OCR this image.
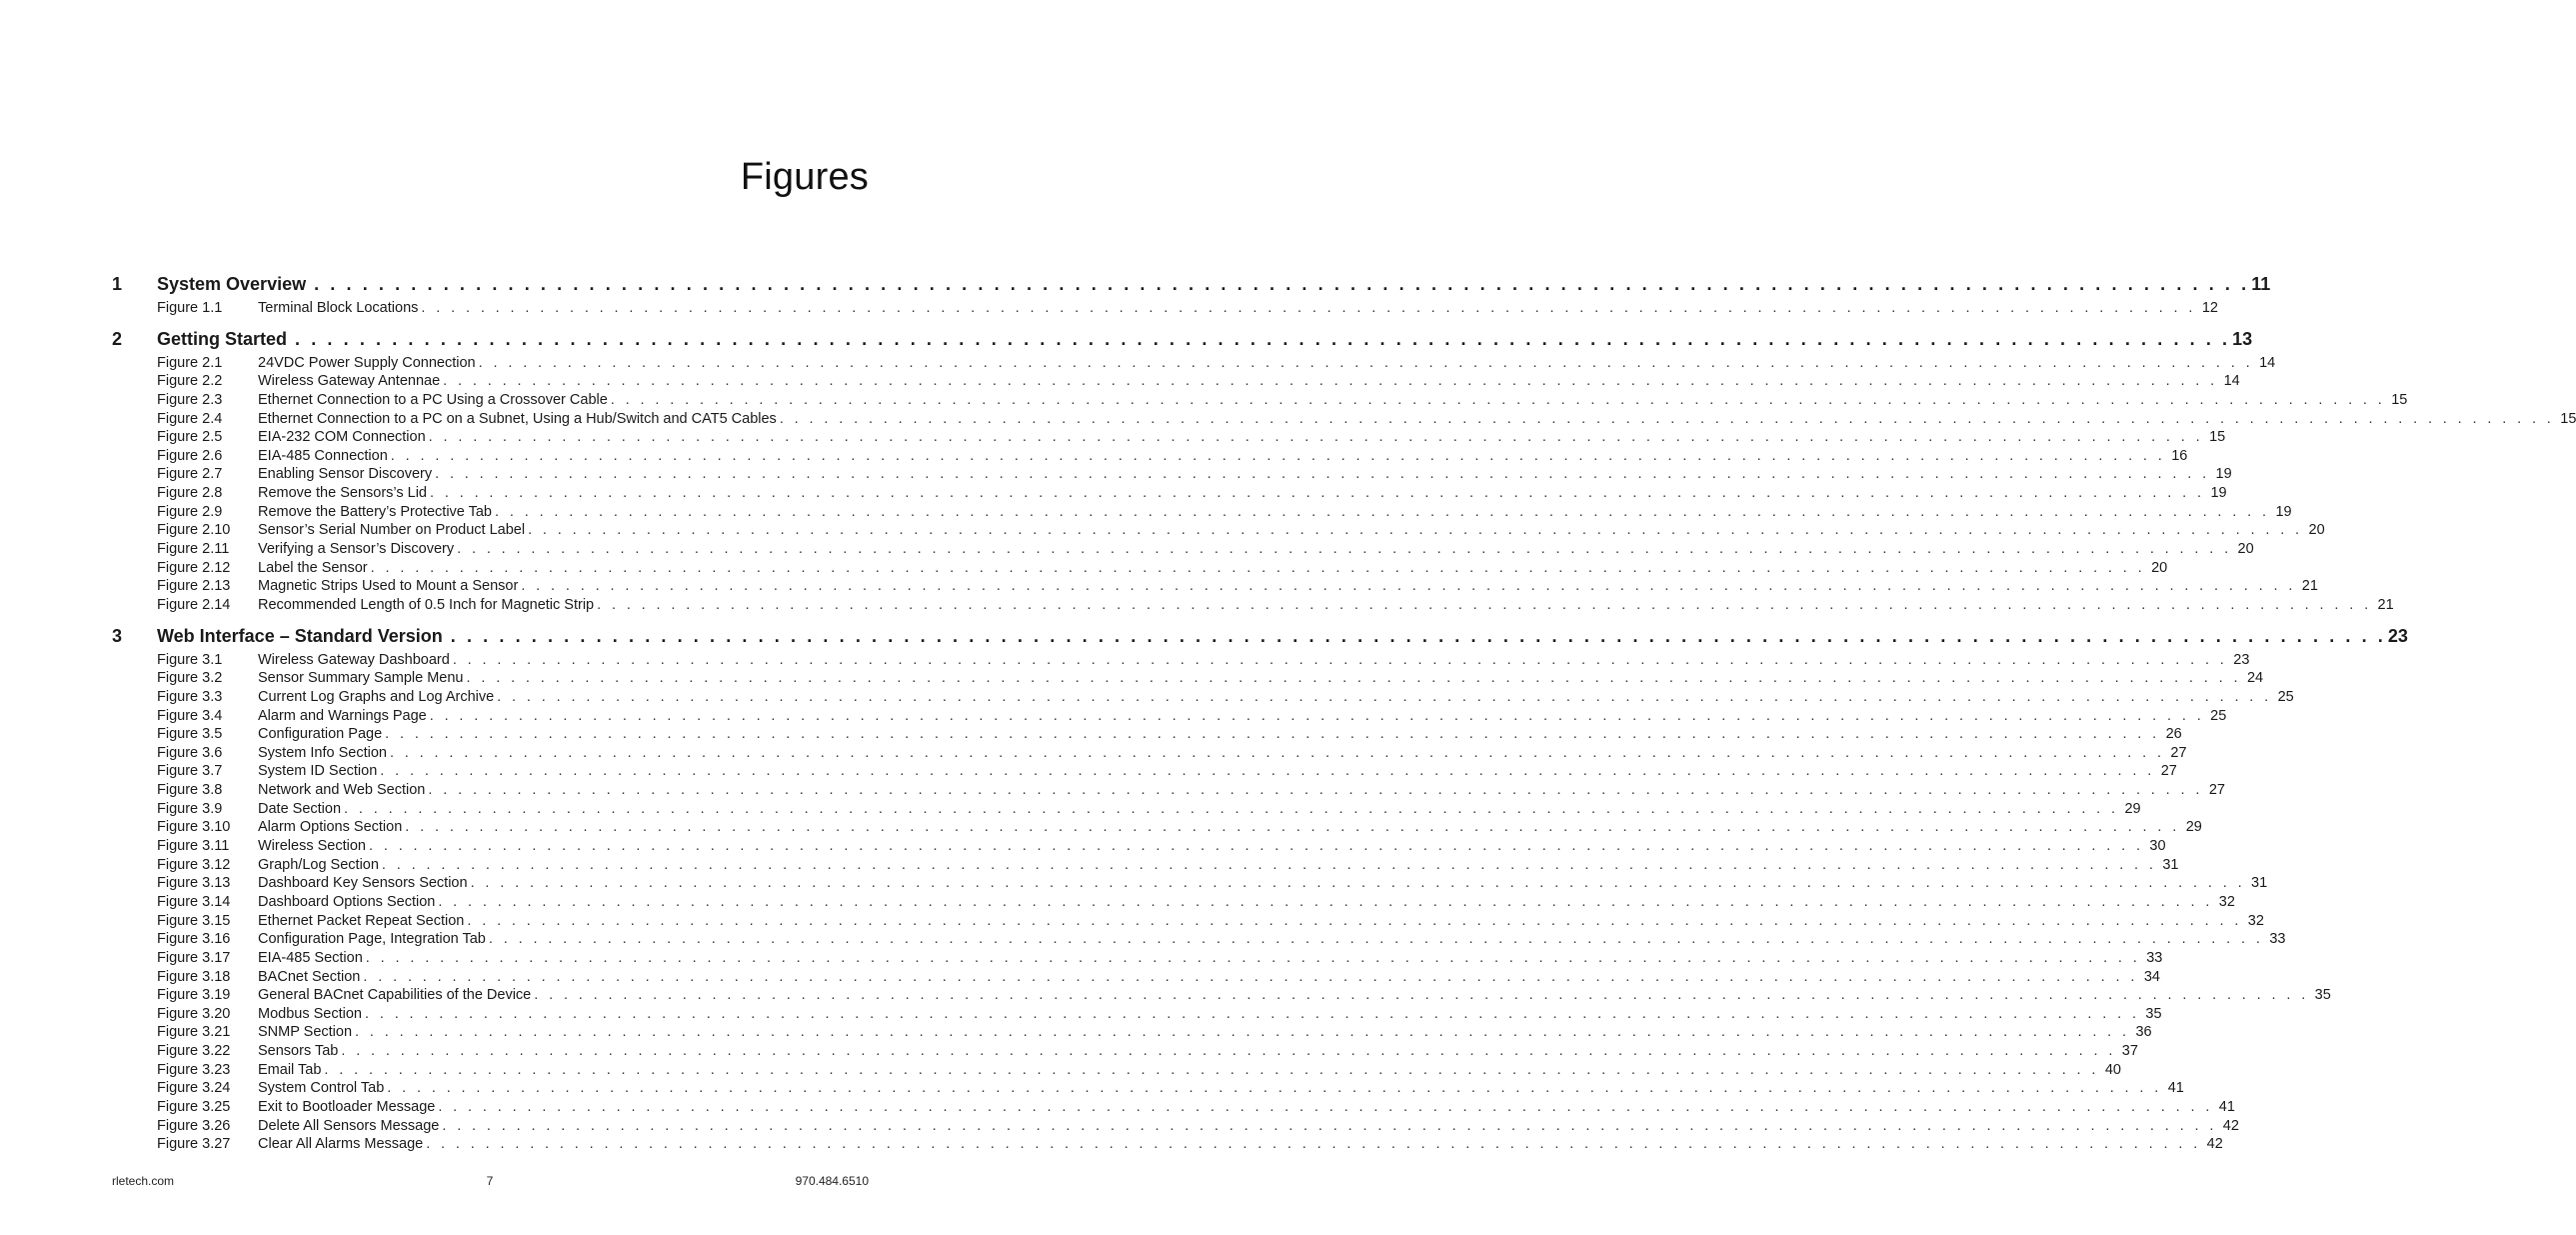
Figures
1	System Overview . . . . . . . . . . . . . . . . . . . . . . . . . . . . . . . . . . . . . . . . . . . . . . . . . . . . . . . . . . . . . . . . . . . . . . . . . . . . . . . . . . . . . . . . . . . . . . . . . . . . . . . . . . . . . . . . . . . . . . . . 11
Figure 1.1	Terminal Block Locations . . . . . . . . . . . . . . . . . . . . . . . . . . . . . . . . . . . . . . . . . . . . . . . . . . . . . . . . . . . . . . . . . . . . . . . . . . . . . . . . . . . . . . . . . . . . . . . . . . . . . . . . . . . . . . . . . . . . . . . . 12
2	Getting Started . . . . . . . . . . . . . . . . . . . . . . . . . . . . . . . . . . . . . . . . . . . . . . . . . . . . . . . . . . . . . . . . . . . . . . . . . . . . . . . . . . . . . . . . . . . . . . . . . . . . . . . . . . . . . . . . . . . . . . . . 13
Figure 2.1	24VDC Power Supply Connection . . . . . . . . . . . . . . . . . . . . . . . . . . . . . . . . . . . . . . . . . . . . . . . . . . . . . . . . . . . . . . . . . . . . . . . . . . . . . . . . . . . . . . . . . . . . . . . . . . . . . . . . . . . . . . . . . . . . . . . . 14
Figure 2.2	Wireless Gateway Antennae . . . . . . . . . . . . . . . . . . . . . . . . . . . . . . . . . . . . . . . . . . . . . . . . . . . . . . . . . . . . . . . . . . . . . . . . . . . . . . . . . . . . . . . . . . . . . . . . . . . . . . . . . . . . . . . . . . . . . . . . 14
Figure 2.3	Ethernet Connection to a PC Using a Crossover Cable . . . . . . . . . . . . . . . . . . . . . . . . . . . . . . . . . . . . . . . . . . . . . . . . . . . . . . . . . . . . . . . . . . . . . . . . . . . . . . . . . . . . . . . . . . . . . . . . . . . . . . . . . . . . . . . . . . . . . . . . 15
Figure 2.4	Ethernet Connection to a PC on a Subnet, Using a Hub/Switch and CAT5 Cables . . . . . . . . . . . . . . . . . . . . . . . . . . . . . . . . . . . . . . . . . . . . . . . . . . . . . . . . . . . . . . . . . . . . . . . . . . . . . . . . . . . . . . . . . . . . . . . . . . . . . . . . . . . . . . . . . . . . . . . . 15
Figure 2.5	EIA-232 COM Connection . . . . . . . . . . . . . . . . . . . . . . . . . . . . . . . . . . . . . . . . . . . . . . . . . . . . . . . . . . . . . . . . . . . . . . . . . . . . . . . . . . . . . . . . . . . . . . . . . . . . . . . . . . . . . . . . . . . . . . . . 15
Figure 2.6	EIA-485 Connection . . . . . . . . . . . . . . . . . . . . . . . . . . . . . . . . . . . . . . . . . . . . . . . . . . . . . . . . . . . . . . . . . . . . . . . . . . . . . . . . . . . . . . . . . . . . . . . . . . . . . . . . . . . . . . . . . . . . . . . . 16
Figure 2.7	Enabling Sensor Discovery . . . . . . . . . . . . . . . . . . . . . . . . . . . . . . . . . . . . . . . . . . . . . . . . . . . . . . . . . . . . . . . . . . . . . . . . . . . . . . . . . . . . . . . . . . . . . . . . . . . . . . . . . . . . . . . . . . . . . . . . 19
Figure 2.8	Remove the Sensors’s Lid . . . . . . . . . . . . . . . . . . . . . . . . . . . . . . . . . . . . . . . . . . . . . . . . . . . . . . . . . . . . . . . . . . . . . . . . . . . . . . . . . . . . . . . . . . . . . . . . . . . . . . . . . . . . . . . . . . . . . . . . 19
Figure 2.9	Remove the Battery’s Protective Tab . . . . . . . . . . . . . . . . . . . . . . . . . . . . . . . . . . . . . . . . . . . . . . . . . . . . . . . . . . . . . . . . . . . . . . . . . . . . . . . . . . . . . . . . . . . . . . . . . . . . . . . . . . . . . . . . . . . . . . . . 19
Figure 2.10	Sensor’s Serial Number on Product Label . . . . . . . . . . . . . . . . . . . . . . . . . . . . . . . . . . . . . . . . . . . . . . . . . . . . . . . . . . . . . . . . . . . . . . . . . . . . . . . . . . . . . . . . . . . . . . . . . . . . . . . . . . . . . . . . . . . . . . . . 20
Figure 2.11	Verifying a Sensor’s Discovery . . . . . . . . . . . . . . . . . . . . . . . . . . . . . . . . . . . . . . . . . . . . . . . . . . . . . . . . . . . . . . . . . . . . . . . . . . . . . . . . . . . . . . . . . . . . . . . . . . . . . . . . . . . . . . . . . . . . . . . . 20
Figure 2.12	Label the Sensor . . . . . . . . . . . . . . . . . . . . . . . . . . . . . . . . . . . . . . . . . . . . . . . . . . . . . . . . . . . . . . . . . . . . . . . . . . . . . . . . . . . . . . . . . . . . . . . . . . . . . . . . . . . . . . . . . . . . . . . . 20
Figure 2.13	Magnetic Strips Used to Mount a Sensor . . . . . . . . . . . . . . . . . . . . . . . . . . . . . . . . . . . . . . . . . . . . . . . . . . . . . . . . . . . . . . . . . . . . . . . . . . . . . . . . . . . . . . . . . . . . . . . . . . . . . . . . . . . . . . . . . . . . . . . . 21
Figure 2.14	Recommended Length of 0.5 Inch for Magnetic Strip . . . . . . . . . . . . . . . . . . . . . . . . . . . . . . . . . . . . . . . . . . . . . . . . . . . . . . . . . . . . . . . . . . . . . . . . . . . . . . . . . . . . . . . . . . . . . . . . . . . . . . . . . . . . . . . . . . . . . . . . 21
3	Web Interface – Standard Version . . . . . . . . . . . . . . . . . . . . . . . . . . . . . . . . . . . . . . . . . . . . . . . . . . . . . . . . . . . . . . . . . . . . . . . . . . . . . . . . . . . . . . . . . . . . . . . . . . . . . . . . . . . . . . . . . . . . . . . . 23
Figure 3.1	Wireless Gateway Dashboard . . . . . . . . . . . . . . . . . . . . . . . . . . . . . . . . . . . . . . . . . . . . . . . . . . . . . . . . . . . . . . . . . . . . . . . . . . . . . . . . . . . . . . . . . . . . . . . . . . . . . . . . . . . . . . . . . . . . . . . . 23
Figure 3.2	Sensor Summary Sample Menu . . . . . . . . . . . . . . . . . . . . . . . . . . . . . . . . . . . . . . . . . . . . . . . . . . . . . . . . . . . . . . . . . . . . . . . . . . . . . . . . . . . . . . . . . . . . . . . . . . . . . . . . . . . . . . . . . . . . . . . . 24
Figure 3.3	Current Log Graphs and Log Archive . . . . . . . . . . . . . . . . . . . . . . . . . . . . . . . . . . . . . . . . . . . . . . . . . . . . . . . . . . . . . . . . . . . . . . . . . . . . . . . . . . . . . . . . . . . . . . . . . . . . . . . . . . . . . . . . . . . . . . . . 25
Figure 3.4	Alarm and Warnings Page . . . . . . . . . . . . . . . . . . . . . . . . . . . . . . . . . . . . . . . . . . . . . . . . . . . . . . . . . . . . . . . . . . . . . . . . . . . . . . . . . . . . . . . . . . . . . . . . . . . . . . . . . . . . . . . . . . . . . . . . 25
Figure 3.5	Configuration Page . . . . . . . . . . . . . . . . . . . . . . . . . . . . . . . . . . . . . . . . . . . . . . . . . . . . . . . . . . . . . . . . . . . . . . . . . . . . . . . . . . . . . . . . . . . . . . . . . . . . . . . . . . . . . . . . . . . . . . . . 26
Figure 3.6	System Info Section . . . . . . . . . . . . . . . . . . . . . . . . . . . . . . . . . . . . . . . . . . . . . . . . . . . . . . . . . . . . . . . . . . . . . . . . . . . . . . . . . . . . . . . . . . . . . . . . . . . . . . . . . . . . . . . . . . . . . . . . 27
Figure 3.7	System ID Section . . . . . . . . . . . . . . . . . . . . . . . . . . . . . . . . . . . . . . . . . . . . . . . . . . . . . . . . . . . . . . . . . . . . . . . . . . . . . . . . . . . . . . . . . . . . . . . . . . . . . . . . . . . . . . . . . . . . . . . . 27
Figure 3.8	Network and Web Section . . . . . . . . . . . . . . . . . . . . . . . . . . . . . . . . . . . . . . . . . . . . . . . . . . . . . . . . . . . . . . . . . . . . . . . . . . . . . . . . . . . . . . . . . . . . . . . . . . . . . . . . . . . . . . . . . . . . . . . . 27
Figure 3.9	Date Section . . . . . . . . . . . . . . . . . . . . . . . . . . . . . . . . . . . . . . . . . . . . . . . . . . . . . . . . . . . . . . . . . . . . . . . . . . . . . . . . . . . . . . . . . . . . . . . . . . . . . . . . . . . . . . . . . . . . . . . . 29
Figure 3.10	Alarm Options Section . . . . . . . . . . . . . . . . . . . . . . . . . . . . . . . . . . . . . . . . . . . . . . . . . . . . . . . . . . . . . . . . . . . . . . . . . . . . . . . . . . . . . . . . . . . . . . . . . . . . . . . . . . . . . . . . . . . . . . . . 29
Figure 3.11	Wireless Section . . . . . . . . . . . . . . . . . . . . . . . . . . . . . . . . . . . . . . . . . . . . . . . . . . . . . . . . . . . . . . . . . . . . . . . . . . . . . . . . . . . . . . . . . . . . . . . . . . . . . . . . . . . . . . . . . . . . . . . . 30
Figure 3.12	Graph/Log Section . . . . . . . . . . . . . . . . . . . . . . . . . . . . . . . . . . . . . . . . . . . . . . . . . . . . . . . . . . . . . . . . . . . . . . . . . . . . . . . . . . . . . . . . . . . . . . . . . . . . . . . . . . . . . . . . . . . . . . . . 31
Figure 3.13	Dashboard Key Sensors Section . . . . . . . . . . . . . . . . . . . . . . . . . . . . . . . . . . . . . . . . . . . . . . . . . . . . . . . . . . . . . . . . . . . . . . . . . . . . . . . . . . . . . . . . . . . . . . . . . . . . . . . . . . . . . . . . . . . . . . . . 31
Figure 3.14	Dashboard Options Section . . . . . . . . . . . . . . . . . . . . . . . . . . . . . . . . . . . . . . . . . . . . . . . . . . . . . . . . . . . . . . . . . . . . . . . . . . . . . . . . . . . . . . . . . . . . . . . . . . . . . . . . . . . . . . . . . . . . . . . . 32
Figure 3.15	Ethernet Packet Repeat Section . . . . . . . . . . . . . . . . . . . . . . . . . . . . . . . . . . . . . . . . . . . . . . . . . . . . . . . . . . . . . . . . . . . . . . . . . . . . . . . . . . . . . . . . . . . . . . . . . . . . . . . . . . . . . . . . . . . . . . . . 32
Figure 3.16	Configuration Page, Integration Tab . . . . . . . . . . . . . . . . . . . . . . . . . . . . . . . . . . . . . . . . . . . . . . . . . . . . . . . . . . . . . . . . . . . . . . . . . . . . . . . . . . . . . . . . . . . . . . . . . . . . . . . . . . . . . . . . . . . . . . . . 33
Figure 3.17	EIA-485 Section . . . . . . . . . . . . . . . . . . . . . . . . . . . . . . . . . . . . . . . . . . . . . . . . . . . . . . . . . . . . . . . . . . . . . . . . . . . . . . . . . . . . . . . . . . . . . . . . . . . . . . . . . . . . . . . . . . . . . . . . 33
Figure 3.18	BACnet Section . . . . . . . . . . . . . . . . . . . . . . . . . . . . . . . . . . . . . . . . . . . . . . . . . . . . . . . . . . . . . . . . . . . . . . . . . . . . . . . . . . . . . . . . . . . . . . . . . . . . . . . . . . . . . . . . . . . . . . . . 34
Figure 3.19	General BACnet Capabilities of the Device . . . . . . . . . . . . . . . . . . . . . . . . . . . . . . . . . . . . . . . . . . . . . . . . . . . . . . . . . . . . . . . . . . . . . . . . . . . . . . . . . . . . . . . . . . . . . . . . . . . . . . . . . . . . . . . . . . . . . . . . 35
Figure 3.20	Modbus Section . . . . . . . . . . . . . . . . . . . . . . . . . . . . . . . . . . . . . . . . . . . . . . . . . . . . . . . . . . . . . . . . . . . . . . . . . . . . . . . . . . . . . . . . . . . . . . . . . . . . . . . . . . . . . . . . . . . . . . . . 35
Figure 3.21	SNMP Section . . . . . . . . . . . . . . . . . . . . . . . . . . . . . . . . . . . . . . . . . . . . . . . . . . . . . . . . . . . . . . . . . . . . . . . . . . . . . . . . . . . . . . . . . . . . . . . . . . . . . . . . . . . . . . . . . . . . . . . . 36
Figure 3.22	Sensors Tab . . . . . . . . . . . . . . . . . . . . . . . . . . . . . . . . . . . . . . . . . . . . . . . . . . . . . . . . . . . . . . . . . . . . . . . . . . . . . . . . . . . . . . . . . . . . . . . . . . . . . . . . . . . . . . . . . . . . . . . . 37
Figure 3.23	Email Tab . . . . . . . . . . . . . . . . . . . . . . . . . . . . . . . . . . . . . . . . . . . . . . . . . . . . . . . . . . . . . . . . . . . . . . . . . . . . . . . . . . . . . . . . . . . . . . . . . . . . . . . . . . . . . . . . . . . . . . . . 40
Figure 3.24	System Control Tab . . . . . . . . . . . . . . . . . . . . . . . . . . . . . . . . . . . . . . . . . . . . . . . . . . . . . . . . . . . . . . . . . . . . . . . . . . . . . . . . . . . . . . . . . . . . . . . . . . . . . . . . . . . . . . . . . . . . . . . . 41
Figure 3.25	Exit to Bootloader Message . . . . . . . . . . . . . . . . . . . . . . . . . . . . . . . . . . . . . . . . . . . . . . . . . . . . . . . . . . . . . . . . . . . . . . . . . . . . . . . . . . . . . . . . . . . . . . . . . . . . . . . . . . . . . . . . . . . . . . . . 41
Figure 3.26	Delete All Sensors Message . . . . . . . . . . . . . . . . . . . . . . . . . . . . . . . . . . . . . . . . . . . . . . . . . . . . . . . . . . . . . . . . . . . . . . . . . . . . . . . . . . . . . . . . . . . . . . . . . . . . . . . . . . . . . . . . . . . . . . . . 42
Figure 3.27	Clear All Alarms Message . . . . . . . . . . . . . . . . . . . . . . . . . . . . . . . . . . . . . . . . . . . . . . . . . . . . . . . . . . . . . . . . . . . . . . . . . . . . . . . . . . . . . . . . . . . . . . . . . . . . . . . . . . . . . . . . . . . . . . . . 42
rletech.com	7	970.484.6510
